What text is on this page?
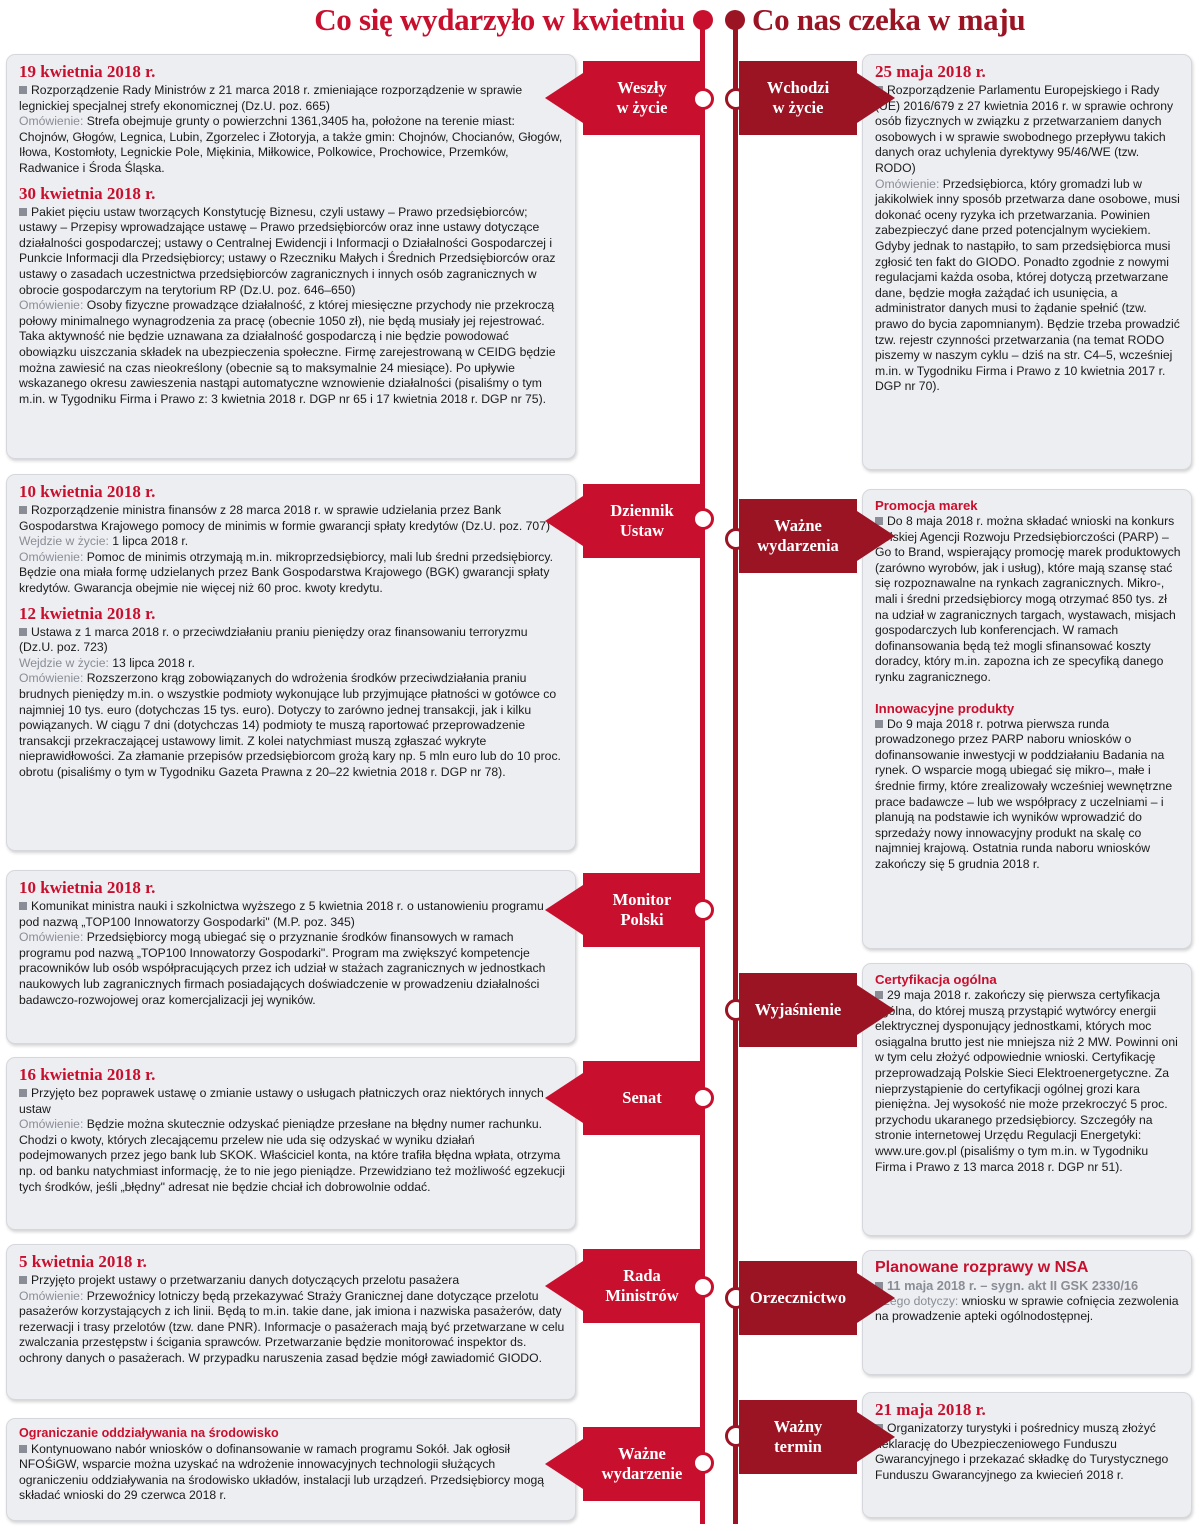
Co się wydarzyło w kwietniu Co nas czeka w maju
19 kwietnia 2018 r.

Rozporządzenie Rady Ministrów z 21 marca 2018 r. zmieniające rozporządzenie w sprawie legnickiej specjalnej strefy ekonomicznej (Dz.U. poz. 665)

Omówienie: Strefa obejmuje grunty o powierzchni 1361,3405 ha, położone na terenie miast: Chojnów, Głogów, Legnica, Lubin, Zgorzelec i Złotoryja, a także gmin: Chojnów, Chocianów, Głogów, Iłowa, Kostomłoty, Legnickie Pole, Miękinia, Miłkowice, Polkowice, Prochowice, Przemków, Radwanice i Środa Śląska.

30 kwietnia 2018 r.

Pakiet pięciu ustaw tworzących Konstytucję Biznesu, czyli ustawy – Prawo przedsiębiorców; ustawy – Przepisy wprowadzające ustawę – Prawo przedsiębiorców oraz inne ustawy dotyczące działalności gospodarczej; ustawy o Centralnej Ewidencji i Informacji o Działalności Gospodarczej i Punkcie Informacji dla Przedsiębiorcy; ustawy o Rzeczniku Małych i Średnich Przedsiębiorców oraz ustawy o zasadach uczestnictwa przedsiębiorców zagranicznych i innych osób zagranicznych w obrocie gospodarczym na terytorium RP (Dz.U. poz. 646–650)

Omówienie: Osoby fizyczne prowadzące działalność, z której miesięczne przychody nie przekroczą połowy minimalnego wynagrodzenia za pracę (obecnie 1050 zł), nie będą musiały jej rejestrować. Taka aktywność nie będzie uznawana za działalność gospodarczą i nie będzie powodować obowiązku uiszczania składek na ubezpieczenia społeczne. Firmę zarejestrowaną w CEIDG będzie można zawiesić na czas nieokreślony (obecnie są to maksymalnie 24 miesiące). Po upływie wskazanego okresu zawieszenia nastąpi automatyczne wznowienie działalności (pisaliśmy o tym m.in. w Tygodniku Firma i Prawo z: 3 kwietnia 2018 r. DGP nr 65 i 17 kwietnia 2018 r. DGP nr 75).

10 kwietnia 2018 r.

Rozporządzenie ministra finansów z 28 marca 2018 r. w sprawie udzielania przez Bank Gospodarstwa Krajowego pomocy de minimis w formie gwarancji spłaty kredytów (Dz.U. poz. 707)

Wejdzie w życie: 1 lipca 2018 r.

Omówienie: Pomoc de minimis otrzymają m.in. mikroprzedsiębiorcy, mali lub średni przedsiębiorcy. Będzie ona miała formę udzielanych przez Bank Gospodarstwa Krajowego (BGK) gwarancji spłaty kredytów. Gwarancja obejmie nie więcej niż 60 proc. kwoty kredytu.

12 kwietnia 2018 r.

Ustawa z 1 marca 2018 r. o przeciwdziałaniu praniu pieniędzy oraz finansowaniu terroryzmu (Dz.U. poz. 723)

Wejdzie w życie: 13 lipca 2018 r.

Omówienie: Rozszerzono krąg zobowiązanych do wdrożenia środków przeciwdziałania praniu brudnych pieniędzy m.in. o wszystkie podmioty wykonujące lub przyjmujące płatności w gotówce co najmniej 10 tys. euro (dotychczas 15 tys. euro). Dotyczy to zarówno jednej transakcji, jak i kilku powiązanych. W ciągu 7 dni (dotychczas 14) podmioty te muszą raportować przeprowadzenie transakcji przekraczającej ustawowy limit. Z kolei natychmiast muszą zgłaszać wykryte nieprawidłowości. Za złamanie przepisów przedsiębiorcom grożą kary np. 5 mln euro lub do 10 proc. obrotu (pisaliśmy o tym w Tygodniku Gazeta Prawna z 20–22 kwietnia 2018 r. DGP nr 78).

10 kwietnia 2018 r.

Komunikat ministra nauki i szkolnictwa wyższego z 5 kwietnia 2018 r. o ustanowieniu programu pod nazwą „TOP100 Innowatorzy Gospodarki" (M.P. poz. 345)

Omówienie: Przedsiębiorcy mogą ubiegać się o przyznanie środków finansowych w ramach programu pod nazwą „TOP100 Innowatorzy Gospodarki". Program ma zwiększyć kompetencje pracowników lub osób współpracujących przez ich udział w stażach zagranicznych w jednostkach naukowych lub zagranicznych firmach posiadających doświadczenie w prowadzeniu działalności badawczo-rozwojowej oraz komercjalizacji jej wyników.

16 kwietnia 2018 r.

Przyjęto bez poprawek ustawę o zmianie ustawy o usługach płatniczych oraz niektórych innych ustaw

Omówienie: Będzie można skutecznie odzyskać pieniądze przesłane na błędny numer rachunku. Chodzi o kwoty, których zlecającemu przelew nie uda się odzyskać w wyniku działań podejmowanych przez jego bank lub SKOK. Właściciel konta, na które trafiła błędna wpłata, otrzyma np. od banku natychmiast informację, że to nie jego pieniądze. Przewidziano też możliwość egzekucji tych środków, jeśli „błędny" adresat nie będzie chciał ich dobrowolnie oddać.

5 kwietnia 2018 r.

Przyjęto projekt ustawy o przetwarzaniu danych dotyczących przelotu pasażera

Omówienie: Przewoźnicy lotniczy będą przekazywać Straży Granicznej dane dotyczące przelotu pasażerów korzystających z ich linii. Będą to m.in. takie dane, jak imiona i nazwiska pasażerów, daty rezerwacji i trasy przelotów (tzw. dane PNR). Informacje o pasażerach mają być przetwarzane w celu zwalczania przestępstw i ścigania sprawców. Przetwarzanie będzie monitorować inspektor ds. ochrony danych o pasażerach. W przypadku naruszenia zasad będzie mógł zawiadomić GIODO.

Ograniczanie oddziaływania na środowisko

Kontynuowano nabór wniosków o dofinansowanie w ramach programu Sokół. Jak ogłosił NFOŚiGW, wsparcie można uzyskać na wdrożenie innowacyjnych technologii służących ograniczeniu oddziaływania na środowisko układów, instalacji lub urządzeń. Przedsiębiorcy mogą składać wnioski do 29 czerwca 2018 r.

Weszły
w życie
Dziennik
Ustaw
Monitor
Polski
Senat
Rada
Ministrów
Ważne
wydarzenie
25 maja 2018 r.

Rozporządzenie Parlamentu Europejskiego i Rady (UE) 2016/679 z 27 kwietnia 2016 r. w sprawie ochrony osób fizycznych w związku z przetwarzaniem danych osobowych i w sprawie swobodnego przepływu takich danych oraz uchylenia dyrektywy 95/46/WE (tzw. RODO)

Omówienie: Przedsiębiorca, który gromadzi lub w jakikolwiek inny sposób przetwarza dane osobowe, musi dokonać oceny ryzyka ich przetwarzania. Powinien zabezpieczyć dane przed potencjalnym wyciekiem. Gdyby jednak to nastąpiło, to sam przedsiębiorca musi zgłosić ten fakt do GIODO. Ponadto zgodnie z nowymi regulacjami każda osoba, której dotyczą przetwarzane dane, będzie mogła zażądać ich usunięcia, a administrator danych musi to żądanie spełnić (tzw. prawo do bycia zapomnianym). Będzie trzeba prowadzić tzw. rejestr czynności przetwarzania (na temat RODO piszemy w naszym cyklu – dziś na str. C4–5, wcześniej m.in. w Tygodniku Firma i Prawo z 10 kwietnia 2017 r. DGP nr 70).

Promocja marek

Do 8 maja 2018 r. można składać wnioski na konkurs Polskiej Agencji Rozwoju Przedsiębiorczości (PARP) – Go to Brand, wspierający promocję marek produktowych (zarówno wyrobów, jak i usług), które mają szansę stać się rozpoznawalne na rynkach zagranicznych. Mikro-, mali i średni przedsiębiorcy mogą otrzymać 850 tys. zł na udział w zagranicznych targach, wystawach, misjach gospodarczych lub konferencjach. W ramach dofinansowania będą też mogli sfinansować koszty doradcy, który m.in. zapozna ich ze specyfiką danego rynku zagranicznego.

Innowacyjne produkty

Do 9 maja 2018 r. potrwa pierwsza runda prowadzonego przez PARP naboru wniosków o dofinansowanie inwestycji w poddziałaniu Badania na rynek. O wsparcie mogą ubiegać się mikro–, małe i średnie firmy, które zrealizowały wcześniej wewnętrzne prace badawcze – lub we współpracy z uczelniami – i planują na podstawie ich wyników wprowadzić do sprzedaży nowy innowacyjny produkt na skalę co najmniej krajową. Ostatnia runda naboru wniosków zakończy się 5 grudnia 2018 r.

Certyfikacja ogólna

29 maja 2018 r. zakończy się pierwsza certyfikacja ogólna, do której muszą przystąpić wytwórcy energii elektrycznej dysponujący jednostkami, których moc osiągalna brutto jest nie mniejsza niż 2 MW. Powinni oni w tym celu złożyć odpowiednie wnioski. Certyfikację przeprowadzają Polskie Sieci Elektroenergetyczne. Za nieprzystąpienie do certyfikacji ogólnej grozi kara pieniężna. Jej wysokość nie może przekroczyć 5 proc. przychodu ukaranego przedsiębiorcy. Szczegóły na stronie internetowej Urzędu Regulacji Energetyki: www.ure.gov.pl (pisaliśmy o tym m.in. w Tygodniku Firma i Prawo z 13 marca 2018 r. DGP nr 51).

Planowane rozprawy w NSA

11 maja 2018 r. – sygn. akt II GSK 2330/16

Czego dotyczy: wniosku w sprawie cofnięcia zezwolenia na prowadzenie apteki ogólnodostępnej.

21 maja 2018 r.

Organizatorzy turystyki i pośrednicy muszą złożyć deklarację do Ubezpieczeniowego Funduszu Gwarancyjnego i przekazać składkę do Turystycznego Funduszu Gwarancyjnego za kwiecień 2018 r.

Wchodzi
w życie
Ważne
wydarzenia
Wyjaśnienie
Orzecznictwo
Ważny
termin
